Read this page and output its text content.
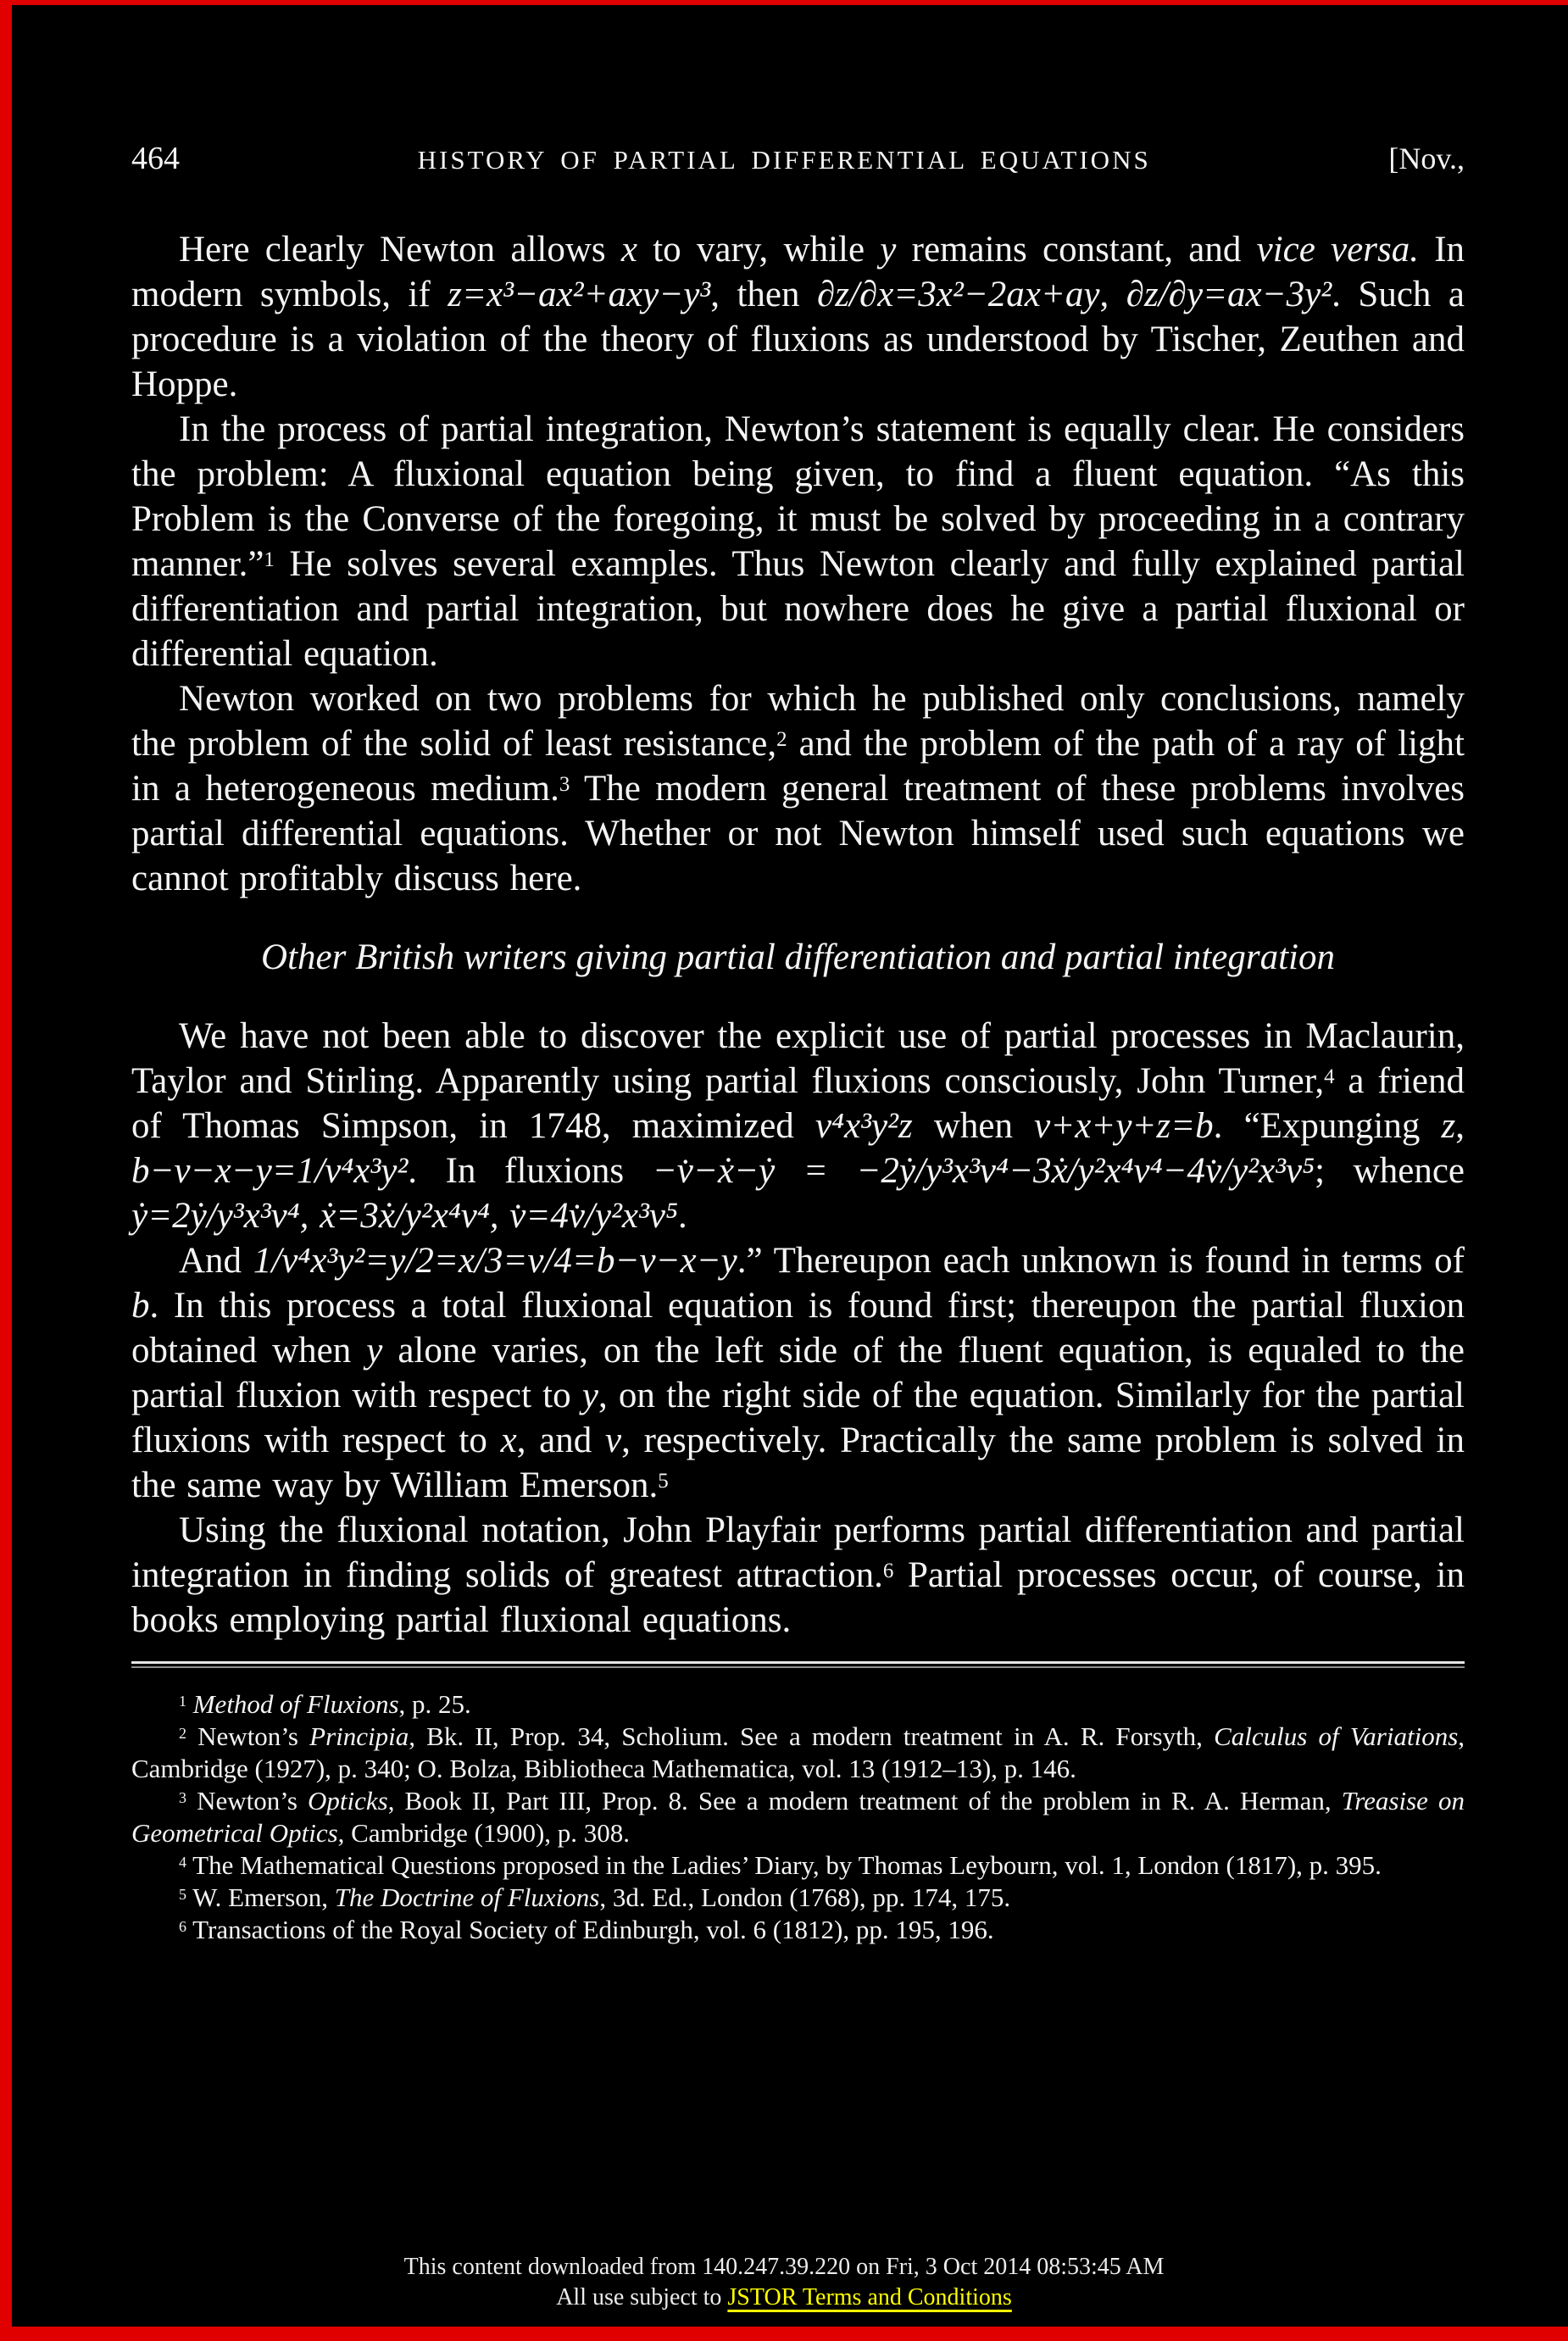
464	HISTORY OF PARTIAL DIFFERENTIAL EQUATIONS	[Nov.,

Here clearly Newton allows x to vary, while y remains constant, and vice versa. In modern symbols, if z=x³−ax²+axy−y³, then ∂z/∂x=3x²−2ax+ay, ∂z/∂y=ax−3y². Such a procedure is a violation of the theory of fluxions as understood by Tischer, Zeuthen and Hoppe.

In the process of partial integration, Newton’s statement is equally clear. He considers the problem: A fluxional equation being given, to find a fluent equation. “As this Problem is the Converse of the foregoing, it must be solved by proceeding in a contrary manner.”$^1$ He solves several examples. Thus Newton clearly and fully explained partial differentiation and partial integration, but nowhere does he give a partial fluxional or differential equation.

Newton worked on two problems for which he published only conclusions, namely the problem of the solid of least resistance,$^2$ and the problem of the path of a ray of light in a heterogeneous medium.$^3$ The modern general treatment of these problems involves partial differential equations. Whether or not Newton himself used such equations we cannot profitably discuss here.

Other British writers giving partial differentiation and partial integration

We have not been able to discover the explicit use of partial processes in Maclaurin, Taylor and Stirling. Apparently using partial fluxions consciously, John Turner,$^4$ a friend of Thomas Simpson, in 1748, maximized v⁴x³y²z when v+x+y+z=b. “Expunging z, b−v−x−y=1/v⁴x³y². In fluxions −v̇−ẋ−ẏ = −2ẏ/y³x³v⁴−3ẋ/y²x⁴v⁴−4v̇/y²x³v⁵; whence ẏ=2ẏ/y³x³v⁴, ẋ=3ẋ/y²x⁴v⁴, v̇=4v̇/y²x³v⁵.

And 1/v⁴x³y²=y/2=x/3=v/4=b−v−x−y.” Thereupon each unknown is found in terms of b. In this process a total fluxional equation is found first; thereupon the partial fluxion obtained when y alone varies, on the left side of the fluent equation, is equaled to the partial fluxion with respect to y, on the right side of the equation. Similarly for the partial fluxions with respect to x, and v, respectively. Practically the same problem is solved in the same way by William Emerson.$^5$

Using the fluxional notation, John Playfair performs partial differentiation and partial integration in finding solids of greatest attraction.$^6$ Partial processes occur, of course, in books employing partial fluxional equations.

$^1$ Method of Fluxions, p. 25.

$^2$ Newton’s Principia, Bk. II, Prop. 34, Scholium. See a modern treatment in A. R. Forsyth, Calculus of Variations, Cambridge (1927), p. 340; O. Bolza, Bibliotheca Mathematica, vol. 13 (1912–13), p. 146.

$^3$ Newton’s Opticks, Book II, Part III, Prop. 8. See a modern treatment of the problem in R. A. Herman, Treasise on Geometrical Optics, Cambridge (1900), p. 308.

$^4$ The Mathematical Questions proposed in the Ladies’ Diary, by Thomas Leybourn, vol. 1, London (1817), p. 395.

$^5$ W. Emerson, The Doctrine of Fluxions, 3d. Ed., London (1768), pp. 174, 175.

$^6$ Transactions of the Royal Society of Edinburgh, vol. 6 (1812), pp. 195, 196.

This content downloaded from 140.247.39.220 on Fri, 3 Oct 2014 08:53:45 AM
All use subject to JSTOR Terms and Conditions
